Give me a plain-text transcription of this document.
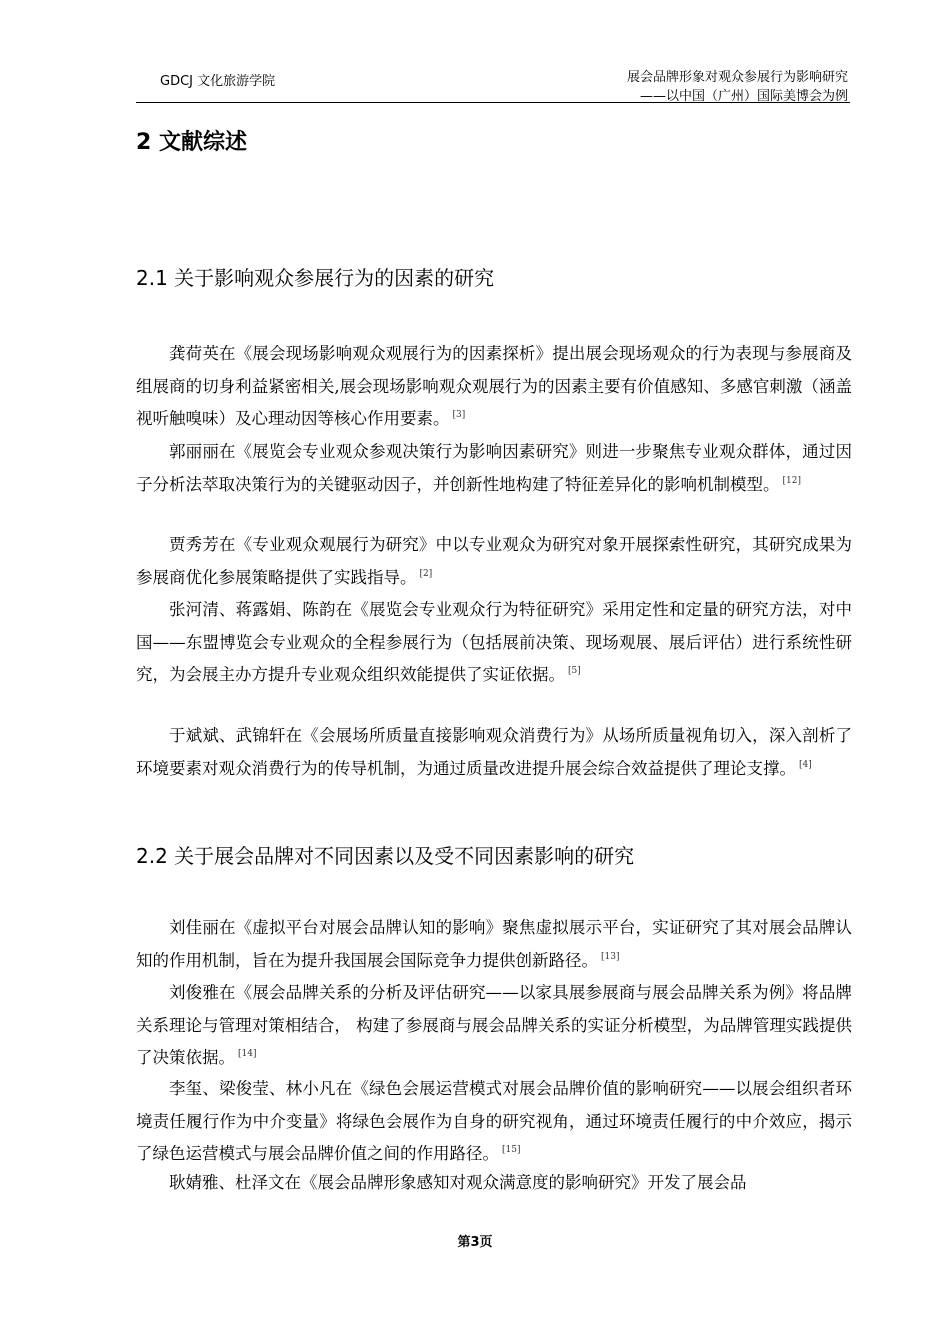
GDCJ 文化旅游学院	展会品牌形象对观众参展行为影响研究
——以中国（广州）国际美博会为例
2 文献综述
2.1 关于影响观众参展行为的因素的研究

龚荷英在《展会现场影响观众观展行为的因素探析》提出展会现场观众的行为表现与参展商及组展商的切身利益紧密相关,展会现场影响观众观展行为的因素主要有价值感知、多感官刺激（涵盖视听触嗅味）及心理动因等核心作用要素。 [3]

郭丽丽在《展览会专业观众参观决策行为影响因素研究》则进一步聚焦专业观众群体，通过因子分析法萃取决策行为的关键驱动因子，并创新性地构建了特征差异化的影响机制模型。 [12]

贾秀芳在《专业观众观展行为研究》中以专业观众为研究对象开展探索性研究，其研究成果为参展商优化参展策略提供了实践指导。 [2]

张河清、蒋露娟、陈韵在《展览会专业观众行为特征研究》采用定性和定量的研究方法，对中国——东盟博览会专业观众的全程参展行为（包括展前决策、现场观展、展后评估）进行系统性研究，为会展主办方提升专业观众组织效能提供了实证依据。 [5]

于斌斌、武锦轩在《会展场所质量直接影响观众消费行为》从场所质量视角切入，深入剖析了环境要素对观众消费行为的传导机制，为通过质量改进提升展会综合效益提供了理论支撑。 [4]

2.2 关于展会品牌对不同因素以及受不同因素影响的研究

刘佳丽在《虚拟平台对展会品牌认知的影响》聚焦虚拟展示平台，实证研究了其对展会品牌认知的作用机制，旨在为提升我国展会国际竞争力提供创新路径。 [13]

刘俊雅在《展会品牌关系的分析及评估研究——以家具展参展商与展会品牌关系为例》将品牌关系理论与管理对策相结合， 构建了参展商与展会品牌关系的实证分析模型，为品牌管理实践提供了决策依据。 [14]

李玺、梁俊莹、林小凡在《绿色会展运营模式对展会品牌价值的影响研究——以展会组织者环境责任履行作为中介变量》将绿色会展作为自身的研究视角，通过环境责任履行的中介效应，揭示了绿色运营模式与展会品牌价值之间的作用路径。 [15]

耿婧雅、杜泽文在《展会品牌形象感知对观众满意度的影响研究》开发了展会品

第3页
